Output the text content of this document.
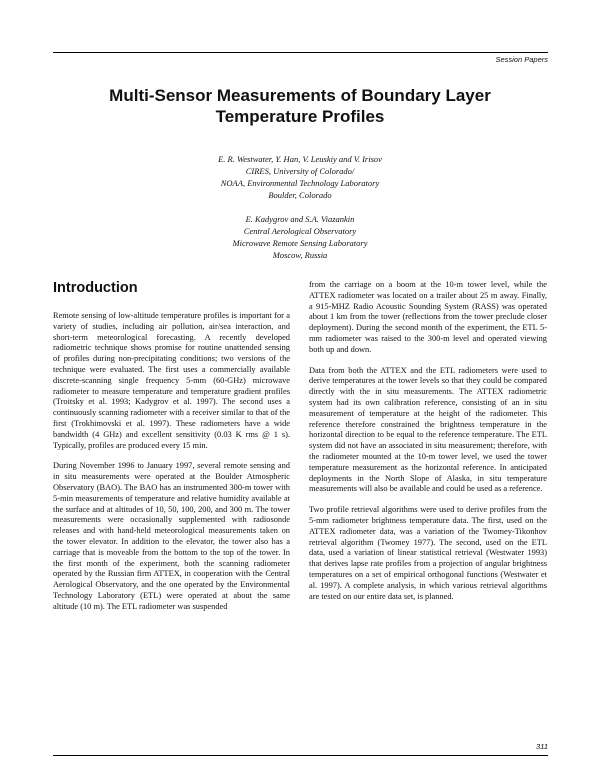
Session Papers
Multi-Sensor Measurements of Boundary Layer
Temperature Profiles
E. R. Westwater, Y. Han, V. Leuskiy and V. Irisov
CIRES, University of Colorado/
NOAA, Environmental Technology Laboratory
Boulder, Colorado
E. Kadygrov and S.A. Viazankin
Central Aerological Observatory
Microwave Remote Sensing Laboratory
Moscow, Russia
Introduction

Remote sensing of low-altitude temperature profiles is important for a variety of studies, including air pollution, air/sea interaction, and short-term meteorological forecasting. A recently developed radiometric technique shows promise for routine unattended sensing of profiles during non-precipitating conditions; two versions of the technique were evaluated. The first uses a commercially available discrete-scanning single frequency 5-mm (60-GHz) microwave radiometer to measure temperature and temperature gradient profiles (Troitsky et al. 1993; Kadygrov et al. 1997). The second uses a continuously scanning radiometer with a receiver similar to that of the first (Trokhimovski et al. 1997). These radiometers have a wide bandwidth (4 GHz) and excellent sensitivity (0.03 K rms @ 1 s). Typically, profiles are produced every 15 min.

During November 1996 to January 1997, several remote sensing and in situ measurements were operated at the Boulder Atmospheric Observatory (BAO). The BAO has an instrumented 300-m tower with 5-min measurements of temperature and relative humidity available at the surface and at altitudes of 10, 50, 100, 200, and 300 m. The tower measurements were occasionally supplemented with radiosonde releases and with hand-held meteorological measurements taken on the tower elevator. In addition to the elevator, the tower also has a carriage that is moveable from the bottom to the top of the tower. In the first month of the experiment, both the scanning radiometer operated by the Russian firm ATTEX, in cooperation with the Central Aerological Observatory, and the one operated by the Environmental Technology Laboratory (ETL) were operated at about the same altitude (10 m). The ETL radiometer was suspended

from the carriage on a boom at the 10-m tower level, while the ATTEX radiometer was located on a trailer about 25 m away. Finally, a 915-MHZ Radio Acoustic Sounding System (RASS) was operated about 1 km from the tower (reflections from the tower preclude closer deployment). During the second month of the experiment, the ETL 5-mm radiometer was raised to the 300-m level and operated viewing both up and down.

Data from both the ATTEX and the ETL radiometers were used to derive temperatures at the tower levels so that they could be compared directly with the in situ measurements. The ATTEX radiometric system had its own calibration reference, consisting of an in situ measurement of temperature at the height of the radiometer. This reference therefore constrained the brightness temperature in the horizontal direction to be equal to the reference temperature. The ETL system did not have an associated in situ measurement; therefore, with the radiometer mounted at the 10-m tower level, we used the tower temperature measurement as the horizontal reference. In anticipated deployments in the North Slope of Alaska, in situ temperature measurements will also be available and could be used as a reference.

Two profile retrieval algorithms were used to derive profiles from the 5-mm radiometer brightness temperature data. The first, used on the ATTEX radiometer data, was a variation of the Twomey-Tikonhov retrieval algorithm (Twomey 1977). The second, used on the ETL data, used a variation of linear statistical retrieval (Westwater 1993) that derives lapse rate profiles from a projection of angular brightness temperatures on a set of empirical orthogonal functions (Westwater et al. 1997). A complete analysis, in which various retrieval algorithms are tested on our entire data set, is planned.

311
